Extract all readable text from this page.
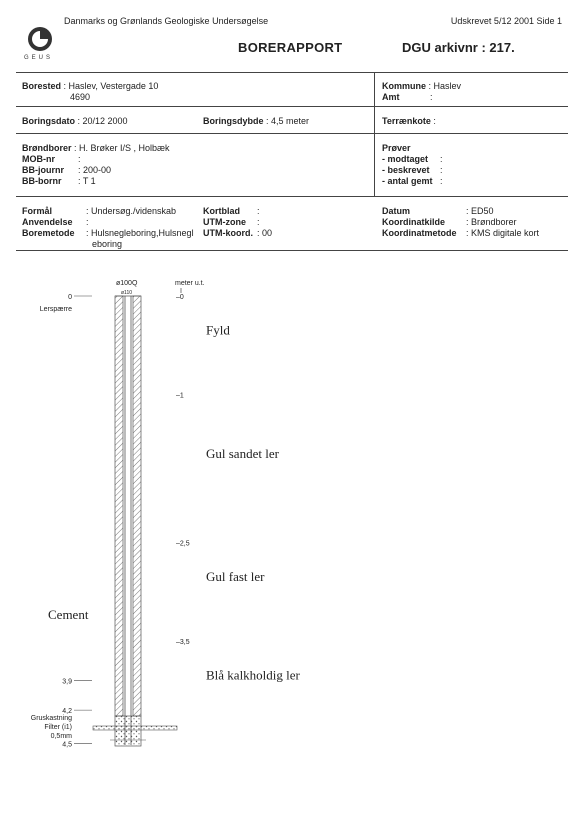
GEUS
Danmarks og Grønlands Geologiske Undersøgelse	Udskrevet 5/12 2001 Side 1
BORERAPPORT	DGU arkivnr : 217.
Borested : Haslev, Vestergade 10
4690
Kommune : Haslev
Amt	:
Boringsdato : 20/12 2000	Boringsdybde : 4,5 meter	Terrænkote :
Brøndborer : H. Brøker I/S , Holbæk
MOB-nr	:
BB-journr : 200-00
BB-bornr : T 1
Prøver
- modtaget :
- beskrevet :
- antal gemt :
Formål	: Undersøg./videnskab
Anvendelse :
Boremetode : Hulsnegleboring,Hulsnegl
eboring
Kortblad :
UTM-zone :
UTM-koord. : 00
Datum	: ED50
Koordinatkilde : Brøndborer
Koordinatmetode : KMS digitale kort
ø100Q
ø110
meter u.t.
0
Lerspærre
3,9
4,2
Gruskastning
Filter (i1)
0,5mm
4,5
–0
–1
–2,5
–3,5
Fyld
Gul sandet ler
Gul fast ler
Blå kalkholdig ler
Cement
